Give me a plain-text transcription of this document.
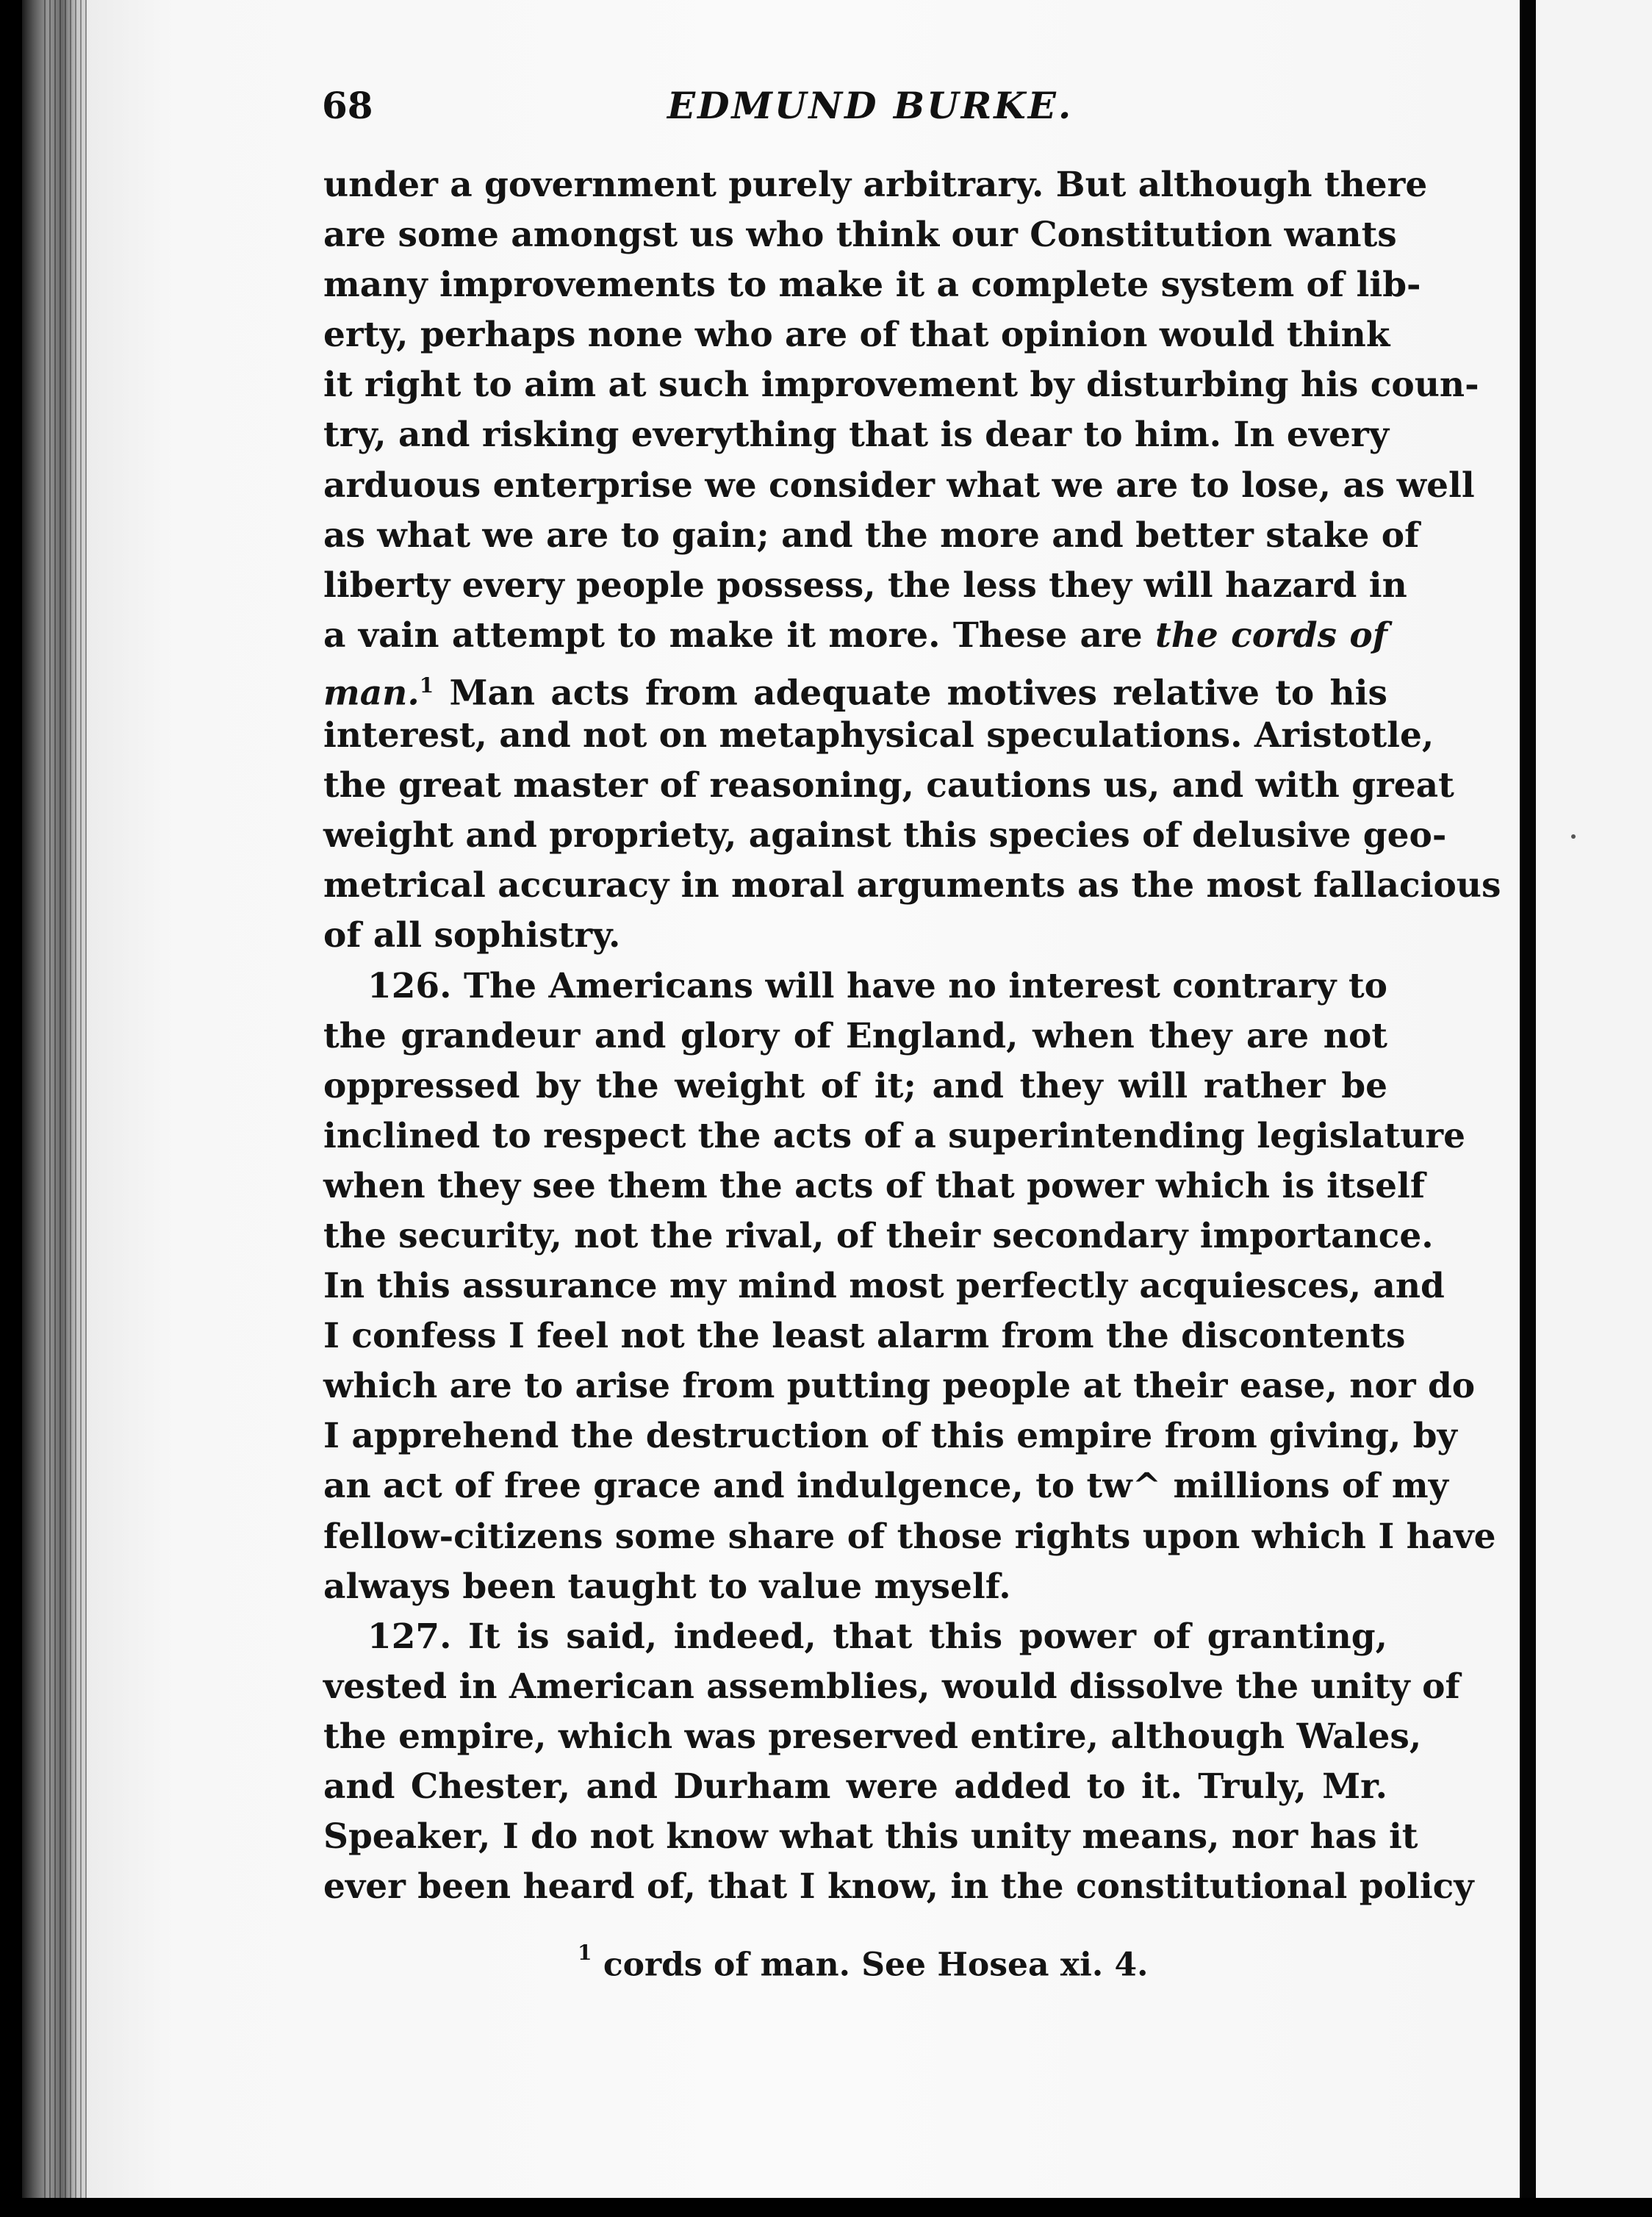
68	EDMUND BURKE.
under a government purely arbitrary. But although there
are some amongst us who think our Constitution wants
many improvements to make it a complete system of lib-
erty, perhaps none who are of that opinion would think
it right to aim at such improvement by disturbing his coun-
try, and risking everything that is dear to him. In every
arduous enterprise we consider what we are to lose, as well
as what we are to gain; and the more and better stake of
liberty every people possess, the less they will hazard in
a vain attempt to make it more. These are the cords of
man.$^1$ Man acts from adequate motives relative to his
interest, and not on metaphysical speculations. Aristotle,
the great master of reasoning, cautions us, and with great
weight and propriety, against this species of delusive geo-
metrical accuracy in moral arguments as the most fallacious
of all sophistry.
126. The Americans will have no interest contrary to
the grandeur and glory of England, when they are not
oppressed by the weight of it; and they will rather be
inclined to respect the acts of a superintending legislature
when they see them the acts of that power which is itself
the security, not the rival, of their secondary importance.
In this assurance my mind most perfectly acquiesces, and
I confess I feel not the least alarm from the discontents
which are to arise from putting people at their ease, nor do
I apprehend the destruction of this empire from giving, by
an act of free grace and indulgence, to tw^ millions of my
fellow-citizens some share of those rights upon which I have
always been taught to value myself.
127. It is said, indeed, that this power of granting,
vested in American assemblies, would dissolve the unity of
the empire, which was preserved entire, although Wales,
and Chester, and Durham were added to it. Truly, Mr.
Speaker, I do not know what this unity means, nor has it
ever been heard of, that I know, in the constitutional policy
$^1$ cords of man. See Hosea xi. 4.
